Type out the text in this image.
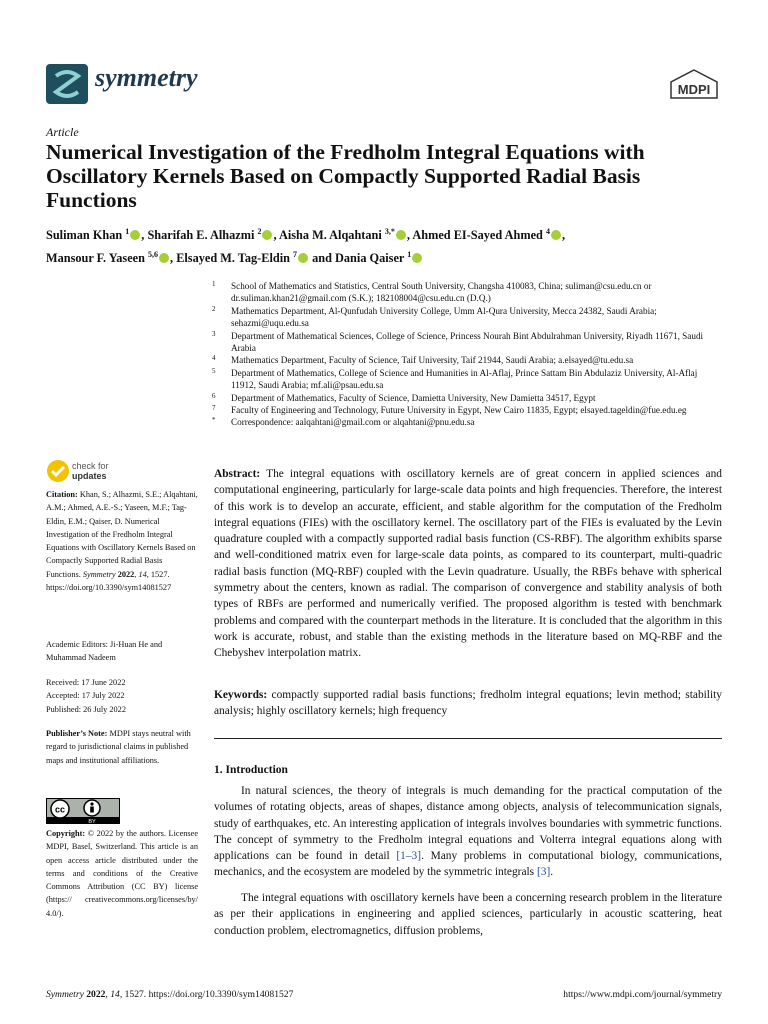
symmetry	MDPI
Article
Numerical Investigation of the Fredholm Integral Equations with Oscillatory Kernels Based on Compactly Supported Radial Basis Functions
Suliman Khan $^1$ , Sharifah E. Alhazmi $^2$ , Aisha M. Alqahtani $^{3,*}$ , Ahmed EI-Sayed Ahmed $^4$ ,
Mansour F. Yaseen $^{5,6}$ , Elsayed M. Tag-Eldin $^7$ and Dania Qaiser $^1$
1 School of Mathematics and Statistics, Central South University, Changsha 410083, China; suliman@csu.edu.cn or dr.suliman.khan21@gmail.com (S.K.); 182108004@csu.edu.cn (D.Q.)
2 Mathematics Department, Al-Qunfudah University College, Umm Al-Qura University, Mecca 24382, Saudi Arabia; sehazmi@uqu.edu.sa
3 Department of Mathematical Sciences, College of Science, Princess Nourah Bint Abdulrahman University, Riyadh 11671, Saudi Arabia
4 Mathematics Department, Faculty of Science, Taif University, Taif 21944, Saudi Arabia; a.elsayed@tu.edu.sa
5 Department of Mathematics, College of Science and Humanities in Al-Aflaj, Prince Sattam Bin Abdulaziz University, Al-Aflaj 11912, Saudi Arabia; mf.ali@psau.edu.sa
6 Department of Mathematics, Faculty of Science, Damietta University, New Damietta 34517, Egypt
7 Faculty of Engineering and Technology, Future University in Egypt, New Cairo 11835, Egypt; elsayed.tageldin@fue.edu.eg
* Correspondence: aalqahtani@gmail.com or alqahtani@pnu.edu.sa
check for
updates
Citation: Khan, S.; Alhazmi, S.E.; Alqahtani, A.M.; Ahmed, A.E.-S.; Yaseen, M.F.; Tag-Eldin, E.M.; Qaiser, D. Numerical Investigation of the Fredholm Integral Equations with Oscillatory Kernels Based on Compactly Supported Radial Basis Functions. Symmetry 2022, 14, 1527. https://doi.org/10.3390/sym14081527
Academic Editors: Ji-Huan He and Muhammad Nadeem
Received: 17 June 2022
Accepted: 17 July 2022
Published: 26 July 2022
Publisher’s Note: MDPI stays neutral with regard to jurisdictional claims in published maps and institutional affiliations.
cc
BY
Copyright: © 2022 by the authors. Licensee MDPI, Basel, Switzerland. This article is an open access article distributed under the terms and conditions of the Creative Commons Attribution (CC BY) license (https:// creativecommons.org/licenses/by/ 4.0/).
Abstract: The integral equations with oscillatory kernels are of great concern in applied sciences and computational engineering, particularly for large-scale data points and high frequencies. Therefore, the interest of this work is to develop an accurate, efficient, and stable algorithm for the computation of the Fredholm integral equations (FIEs) with the oscillatory kernel. The oscillatory part of the FIEs is evaluated by the Levin quadrature coupled with a compactly supported radial basis function (CS-RBF). The algorithm exhibits sparse and well-conditioned matrix even for large-scale data points, as compared to its counterpart, multi-quadric radial basis function (MQ-RBF) coupled with the Levin quadrature. Usually, the RBFs behave with spherical symmetry about the centers, known as radial. The comparison of convergence and stability analysis of both types of RBFs are performed and numerically verified. The proposed algorithm is tested with benchmark problems and compared with the counterpart methods in the literature. It is concluded that the algorithm in this work is accurate, robust, and stable than the existing methods in the literature based on MQ-RBF and the Chebyshev interpolation matrix.
Keywords: compactly supported radial basis functions; fredholm integral equations; levin method; stability analysis; highly oscillatory kernels; high frequency
1. Introduction
In natural sciences, the theory of integrals is much demanding for the practical computation of the volumes of rotating objects, areas of shapes, distance among objects, analysis of telecommunication signals, study of earthquakes, etc. An interesting application of integrals involves boundaries with symmetric functions. The concept of symmetry to the Fredholm integral equations and Volterra integral equations along with applications can be found in detail [1–3]. Many problems in computational biology, communications, mechanics, and the ecosystem are modeled by the symmetric integrals [3].
The integral equations with oscillatory kernels have been a concerning research problem in the literature as per their applications in engineering and applied sciences, particularly in acoustic scattering, heat conduction problem, electromagnetics, diffusion problems,
Symmetry 2022, 14, 1527. https://doi.org/10.3390/sym14081527	https://www.mdpi.com/journal/symmetry
